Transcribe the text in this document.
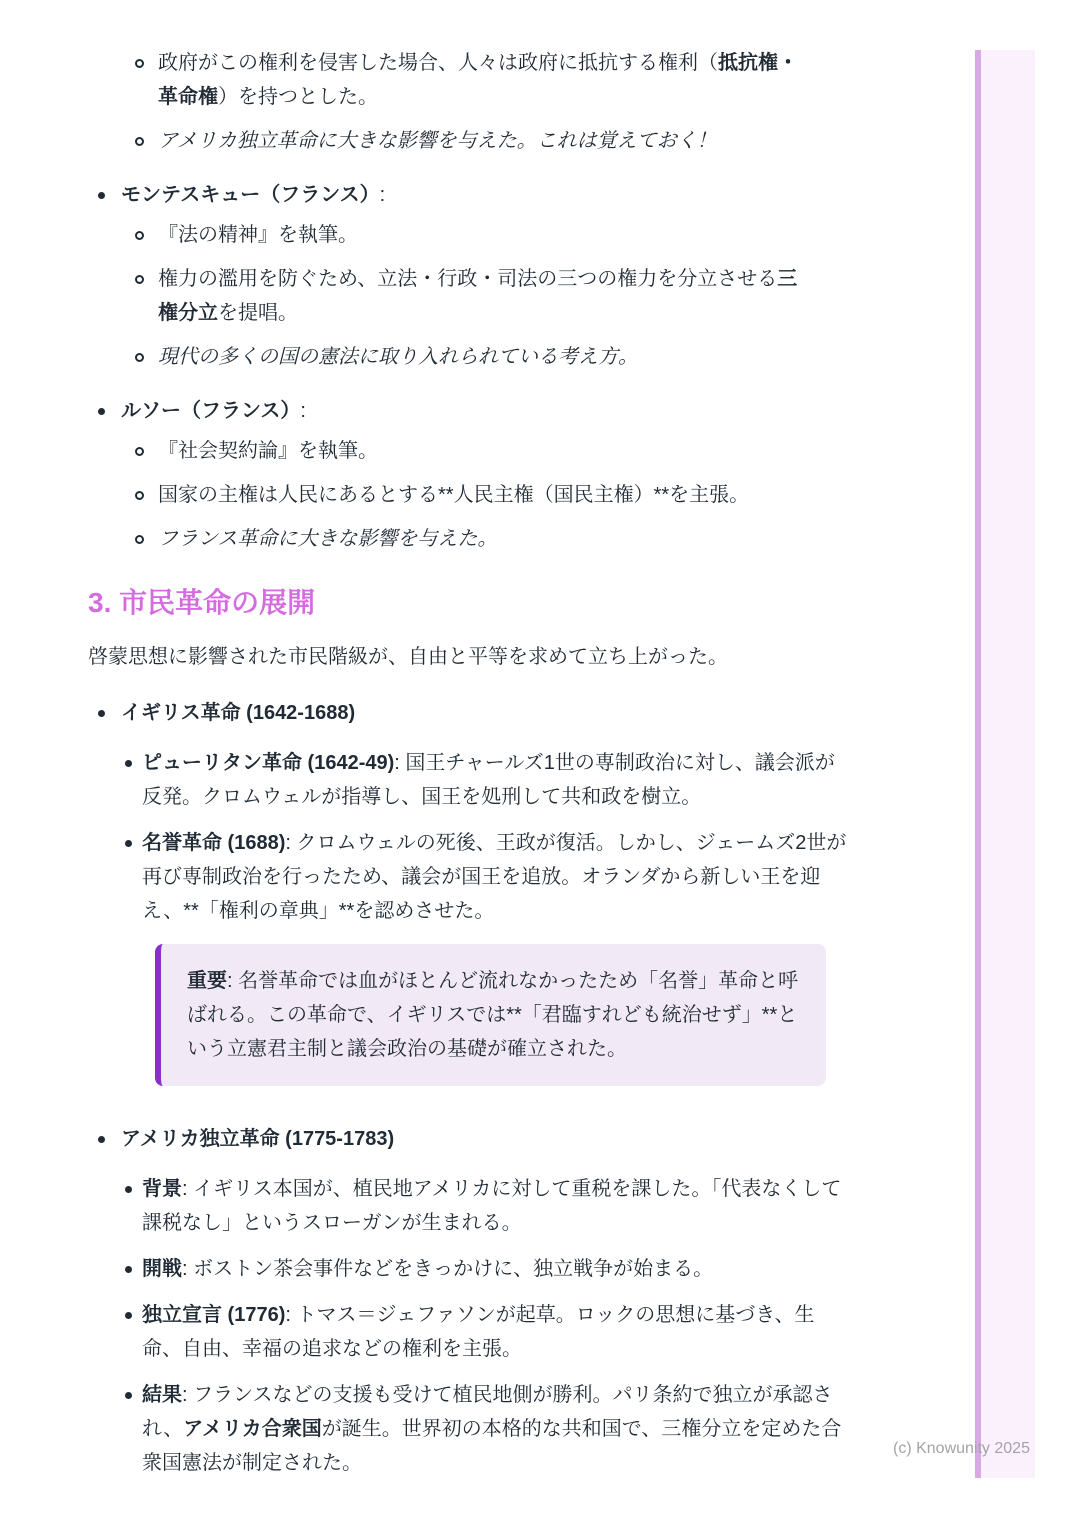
政府がこの権利を侵害した場合、人々は政府に抵抗する権利（抵抗権・革命権）を持つとした。
アメリカ独立革命に大きな影響を与えた。これは覚えておく！
モンテスキュー（フランス）:
『法の精神』を執筆。
権力の濫用を防ぐため、立法・行政・司法の三つの権力を分立させる三権分立を提唱。
現代の多くの国の憲法に取り入れられている考え方。
ルソー（フランス）:
『社会契約論』を執筆。
国家の主権は人民にあるとする**人民主権（国民主権）**を主張。
フランス革命に大きな影響を与えた。
3. 市民革命の展開

啓蒙思想に影響された市民階級が、自由と平等を求めて立ち上がった。

イギリス革命 (1642-1688)
ピューリタン革命 (1642-49): 国王チャールズ1世の専制政治に対し、議会派が反発。クロムウェルが指導し、国王を処刑して共和政を樹立。
名誉革命 (1688): クロムウェルの死後、王政が復活。しかし、ジェームズ2世が再び専制政治を行ったため、議会が国王を追放。オランダから新しい王を迎え、**「権利の章典」**を認めさせた。
重要: 名誉革命では血がほとんど流れなかったため「名誉」革命と呼ばれる。この革命で、イギリスでは**「君臨すれども統治せず」**という立憲君主制と議会政治の基礎が確立された。
アメリカ独立革命 (1775-1783)
背景: イギリス本国が、植民地アメリカに対して重税を課した。「代表なくして課税なし」というスローガンが生まれる。
開戦: ボストン茶会事件などをきっかけに、独立戦争が始まる。
独立宣言 (1776): トマス＝ジェファソンが起草。ロックの思想に基づき、生命、自由、幸福の追求などの権利を主張。
結果: フランスなどの支援も受けて植民地側が勝利。パリ条約で独立が承認され、アメリカ合衆国が誕生。世界初の本格的な共和国で、三権分立を定めた合衆国憲法が制定された。
(c) Knowunity 2025
